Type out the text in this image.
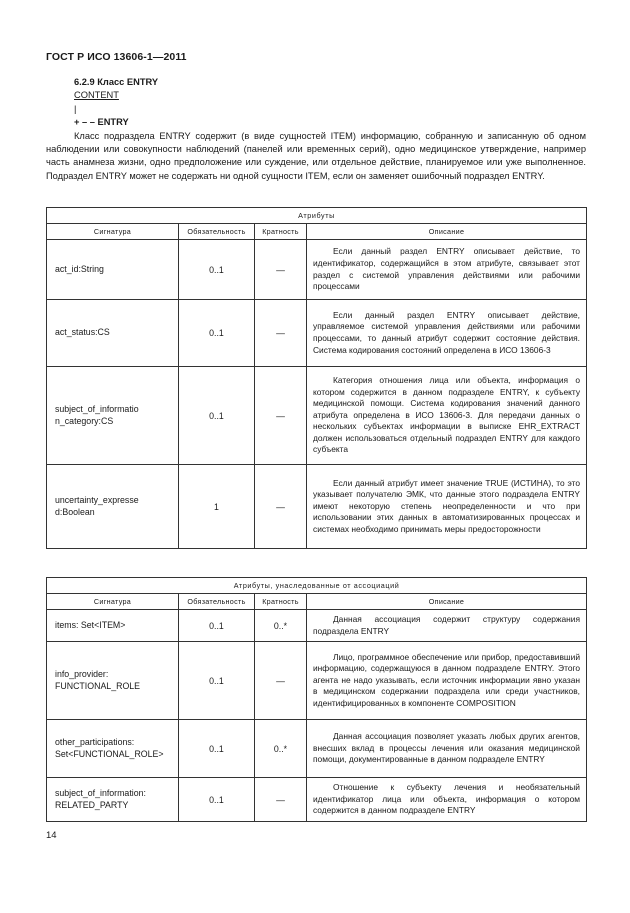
ГОСТ Р ИСО 13606-1—2011
6.2.9 Класс ENTRY
CONTENT
|
+ – – ENTRY
Класс подраздела ENTRY содержит (в виде сущностей ITEM) информацию, собранную и записанную об одном наблюдении или совокупности наблюдений (панелей или временных серий), одно медицинское утверждение, например часть анамнеза жизни, одно предположение или суждение, или отдельное действие, планируемое или уже выполненное. Подраздел ENTRY может не содержать ни одной сущности ITEM, если он заменяет ошибочный подраздел ENTRY.
Атрибуты			
Сигнатура	Обязательность	Кратность	Описание
act_id:String	0..1	—	Если данный раздел ENTRY описывает действие, то идентификатор, содержащийся в этом атрибуте, связывает этот раздел с системой управления действиями или рабочими процессами

act_status:CS	0..1	—	Если данный раздел ENTRY описывает действие, управляемое системой управления действиями или рабочими процессами, то данный атрибут содержит состояние действия. Система кодирования состояний определена в ИСО 13606-3

subject_of_informatio n_category:CS	0..1	—	Категория отношения лица или объекта, информация о котором содержится в данном подразделе ENTRY, к субъекту медицинской помощи. Система кодирования значений данного атрибута определена в ИСО 13606-3. Для передачи данных о нескольких субъектах информации в выписке EHR_EXTRACT должен использоваться отдельный подраздел ENTRY для каждого субъекта

uncertainty_expresse d:Boolean	1	—	Если данный атрибут имеет значение TRUE (ИСТИНА), то это указывает получателю ЭМК, что данные этого подраздела ENTRY имеют некоторую степень неопределенности и что при использовании этих данных в автоматизированных процессах и системах необходимо принимать меры предосторожности
Атрибуты, унаследованные от ассоциаций			
Сигнатура	Обязательность	Кратность	Описание
items: Set<ITEM>	0..1	0..*	Данная ассоциация содержит структуру содержания подраздела ENTRY

info_provider: FUNCTIONAL_ROLE	0..1	—	Лицо, программное обеспечение или прибор, предоставивший информацию, содержащуюся в данном подразделе ENTRY. Этого агента не надо указывать, если источник информации явно указан в медицинском содержании подраздела или среди участников, идентифицированных в компоненте COMPOSITION

other_participations: Set<FUNCTIONAL_ROLE>	0..1	0..*	Данная ассоциация позволяет указать любых других агентов, внесших вклад в процессы лечения или оказания медицинской помощи, документированные в данном подразделе ENTRY

subject_of_information: RELATED_PARTY	0..1	—	Отношение к субъекту лечения и необязательный идентификатор лица или объекта, информация о котором содержится в данном подразделе ENTRY
14
